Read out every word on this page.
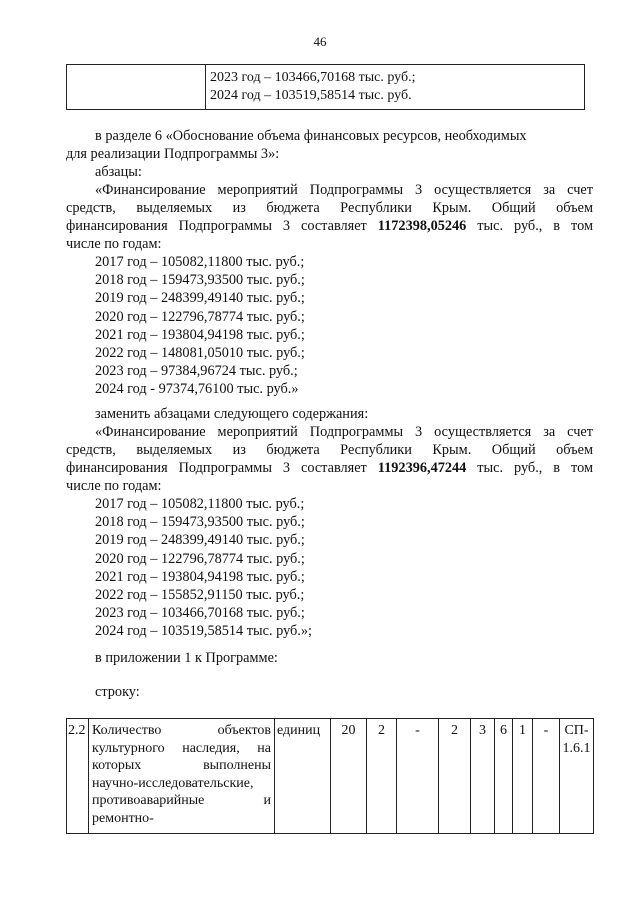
46

2023 год – 103466,70168 тыс. руб.;
2024 год – 103519,58514 тыс. руб.
в разделе 6 «Обоснование объема финансовых ресурсов, необходимых
для реализации Подпрограммы 3»:
абзацы:
«Финансирование мероприятий Подпрограммы 3 осуществляется за счет
средств, выделяемых из бюджета Республики Крым. Общий объем
финансирования Подпрограммы 3 составляет 1172398,05246 тыс. руб., в том
числе по годам:
2017 год – 105082,11800 тыс. руб.;
2018 год – 159473,93500 тыс. руб.;
2019 год – 248399,49140 тыс. руб.;
2020 год – 122796,78774 тыс. руб.;
2021 год – 193804,94198 тыс. руб.;
2022 год – 148081,05010 тыс. руб.;
2023 год – 97384,96724 тыс. руб.;
2024 год - 97374,76100 тыс. руб.»
заменить абзацами следующего содержания:
«Финансирование мероприятий Подпрограммы 3 осуществляется за счет
средств, выделяемых из бюджета Республики Крым. Общий объем
финансирования Подпрограммы 3 составляет 1192396,47244 тыс. руб., в том
числе по годам:
2017 год – 105082,11800 тыс. руб.;
2018 год – 159473,93500 тыс. руб.;
2019 год – 248399,49140 тыс. руб.;
2020 год – 122796,78774 тыс. руб.;
2021 год – 193804,94198 тыс. руб.;
2022 год – 155852,91150 тыс. руб.;
2023 год – 103466,70168 тыс. руб.;
2024 год – 103519,58514 тыс. руб.»;
в приложении 1 к Программе:
строку:
2.2	Количество объектов
культурного наследия, на
которых выполнены
научно-исследовательские,
противоаварийные и
ремонтно-
	единиц	20	2	-	2	3	6	1	-	СП-
1.6.1
